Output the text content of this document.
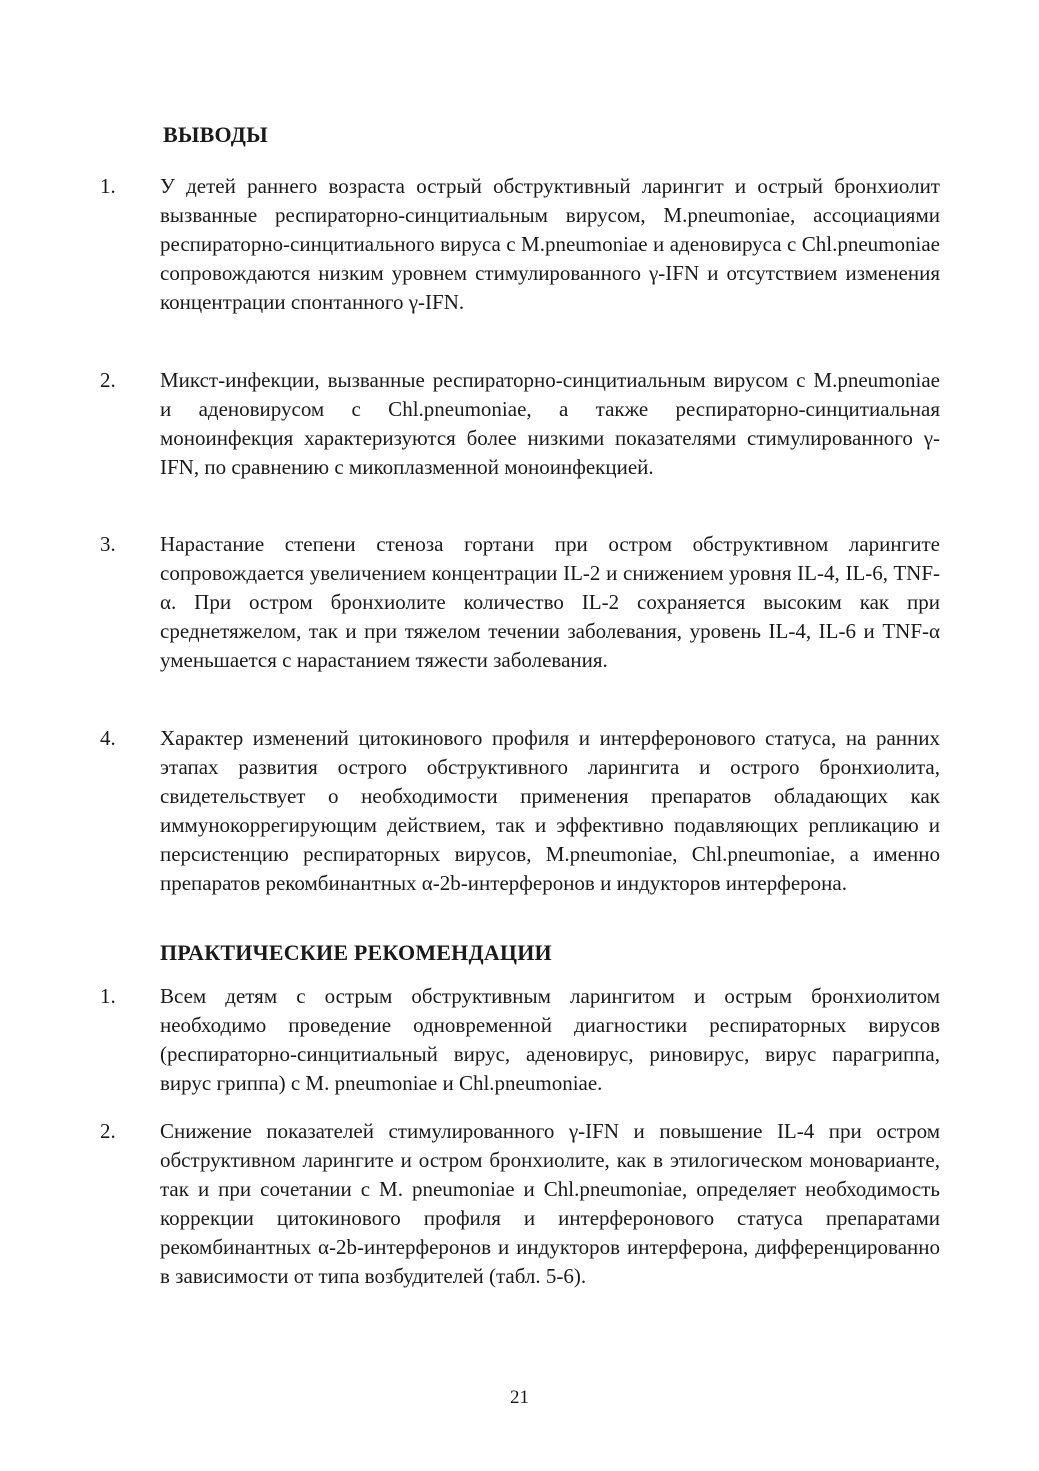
ВЫВОДЫ
1. У детей раннего возраста острый обструктивный ларингит и острый бронхиолит вызванные респираторно-синцитиальным вирусом, M.pneumoniae, ассоциациями респираторно-синцитиального вируса с M.pneumoniae и аденовируса с Chl.pneumoniae сопровождаются низким уровнем стимулированного γ-IFN и отсутствием изменения концентрации спонтанного γ-IFN.
2. Микст-инфекции, вызванные респираторно-синцитиальным вирусом с M.pneumoniae и аденовирусом с Chl.pneumoniae, а также респираторно-синцитиальная моноинфекция характеризуются более низкими показателями стимулированного γ-IFN, по сравнению с микоплазменной моноинфекцией.
3. Нарастание степени стеноза гортани при остром обструктивном ларингите сопровождается увеличением концентрации IL-2 и снижением уровня IL-4, IL-6, TNF-α. При остром бронхиолите количество IL-2 сохраняется высоким как при среднетяжелом, так и при тяжелом течении заболевания, уровень IL-4, IL-6 и TNF-α уменьшается с нарастанием тяжести заболевания.
4. Характер изменений цитокинового профиля и интерферонового статуса, на ранних этапах развития острого обструктивного ларингита и острого бронхиолита, свидетельствует о необходимости применения препаратов обладающих как иммунокоррегирующим действием, так и эффективно подавляющих репликацию и персистенцию респираторных вирусов, M.pneumoniae, Chl.pneumoniae, а именно препаратов рекомбинантных α-2b-интерферонов и индукторов интерферона.
ПРАКТИЧЕСКИЕ РЕКОМЕНДАЦИИ
1. Всем детям с острым обструктивным ларингитом и острым бронхиолитом необходимо проведение одновременной диагностики респираторных вирусов (респираторно-синцитиальный вирус, аденовирус, риновирус, вирус парагриппа, вирус гриппа) с M. pneumoniae и Chl.pneumoniae.
2. Снижение показателей стимулированного γ-IFN и повышение IL-4 при остром обструктивном ларингите и остром бронхиолите, как в этилогическом моноварианте, так и при сочетании с M. pneumoniae и Chl.pneumoniae, определяет необходимость коррекции цитокинового профиля и интерферонового статуса препаратами рекомбинантных α-2b-интерферонов и индукторов интерферона, дифференцированно в зависимости от типа возбудителей (табл. 5-6).
21
